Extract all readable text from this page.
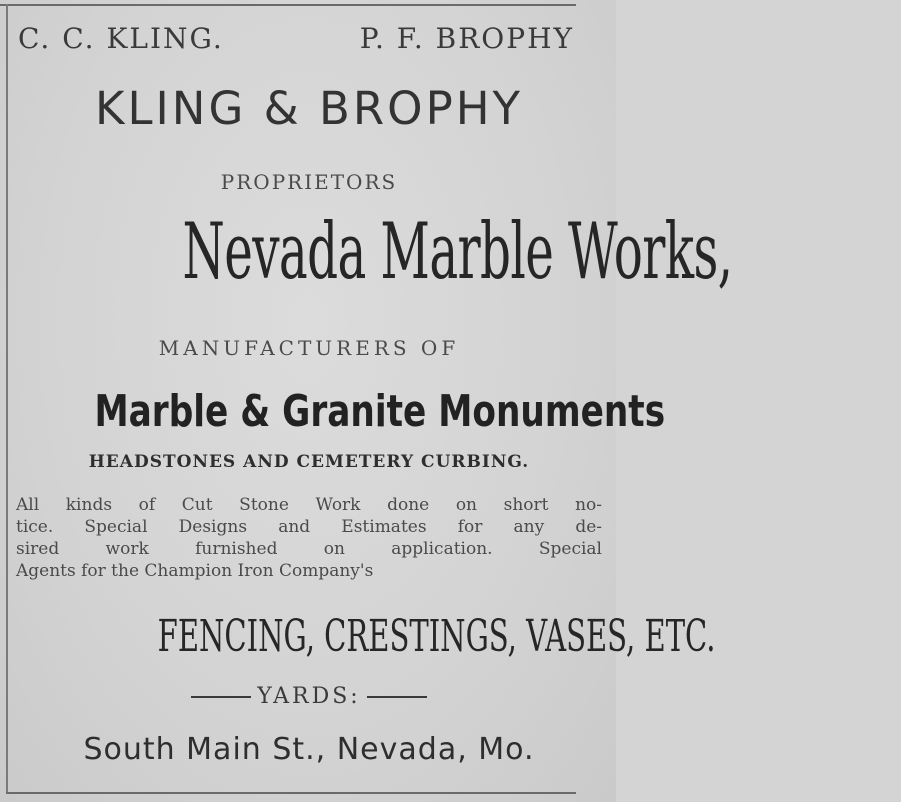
C. C. KLING.	P. F. BROPHY
KLING & BROPHY
PROPRIETORS
Nevada Marble Works,
MANUFACTURERS OF
Marble & Granite Monuments
HEADSTONES AND CEMETERY CURBING.
All kinds of Cut Stone Work done on short no-
tice. Special Designs and Estimates for any de-
sired work furnished on application. Special
Agents for the Champion Iron Company's
FENCING, CRESTINGS, VASES, ETC.
YARDS:
South Main St., Nevada, Mo.
